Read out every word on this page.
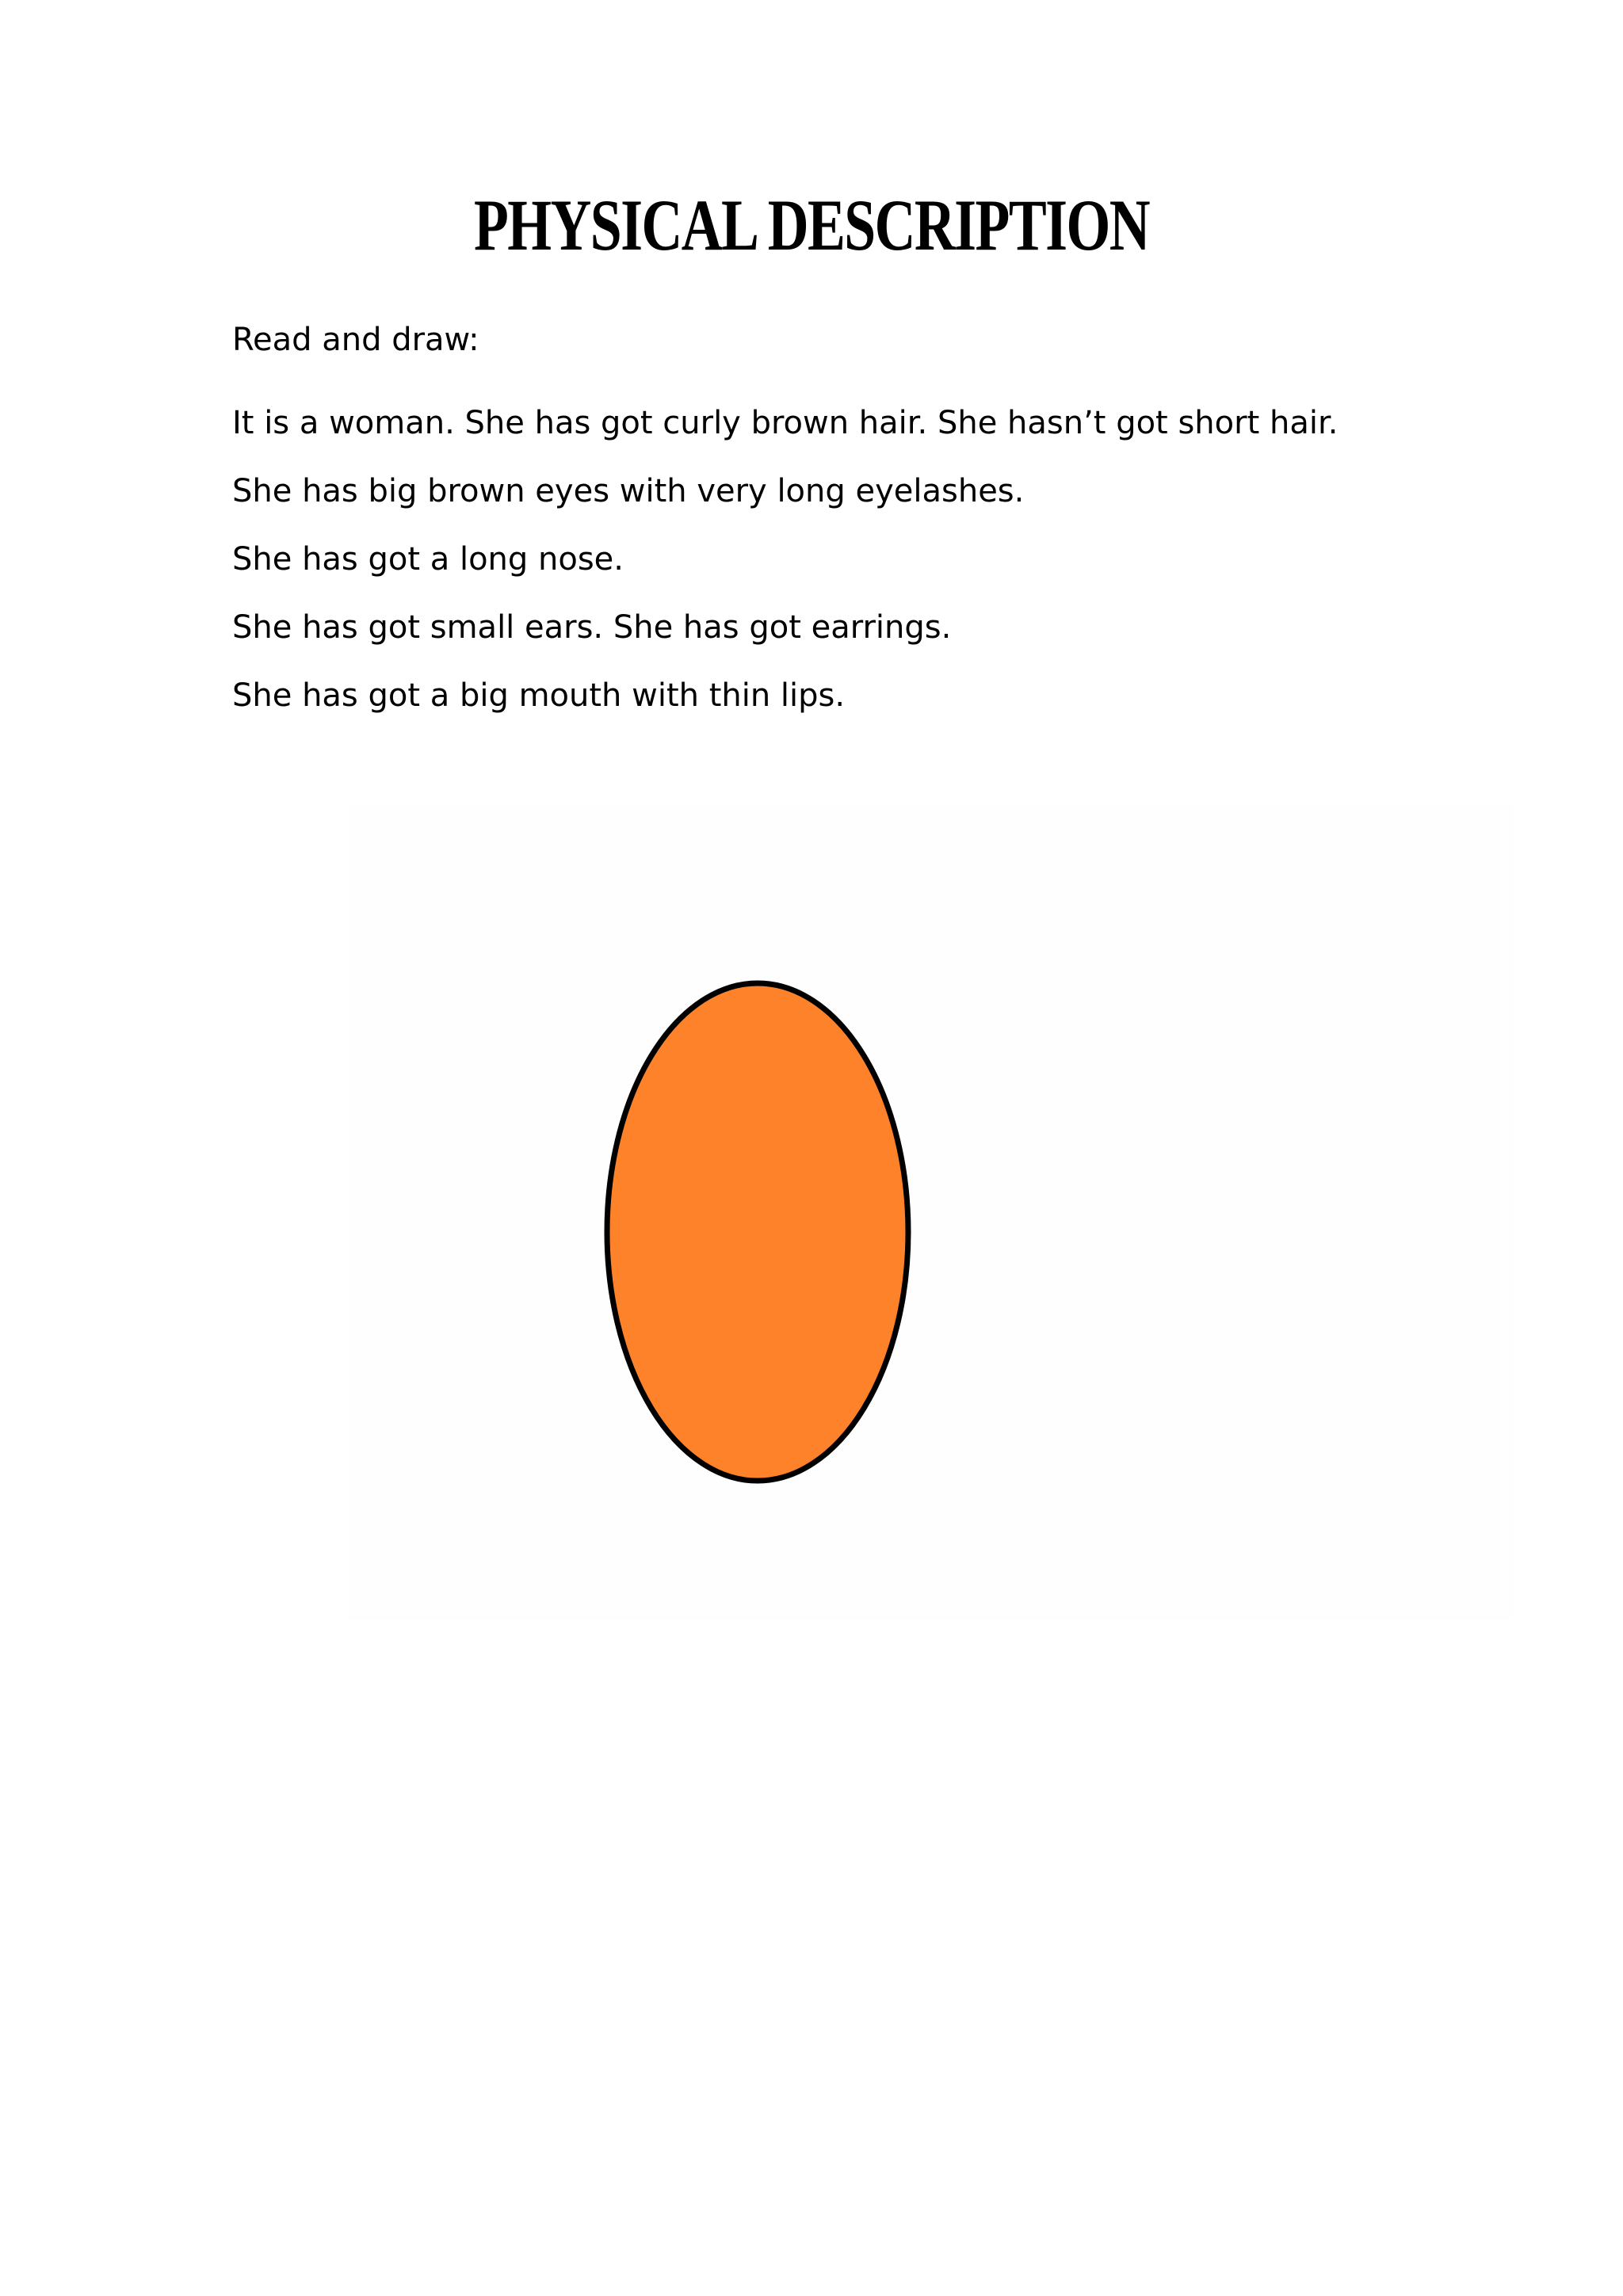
PHYSICAL DESCRIPTION

Read and draw:

It is a woman. She has got curly brown hair. She hasn’t got short hair.

She has big brown eyes with very long eyelashes.

She has got a long nose.

She has got small ears. She has got earrings.

She has got a big mouth with thin lips.
